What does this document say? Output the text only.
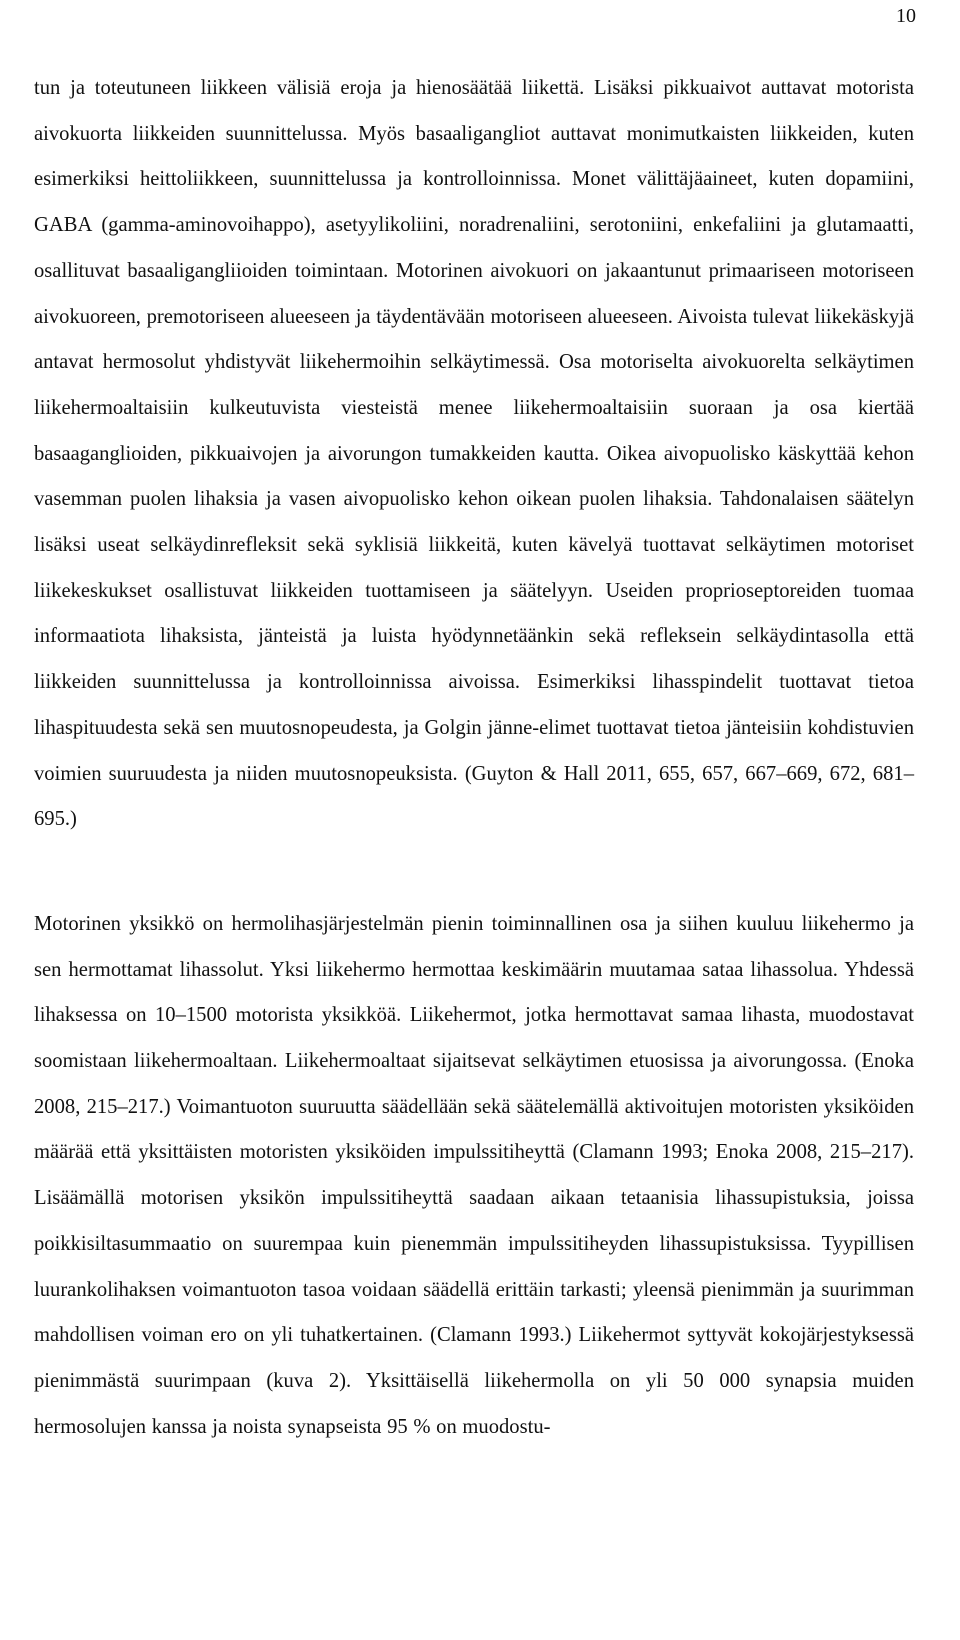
10

tun ja toteutuneen liikkeen välisiä eroja ja hienosäätää liikettä. Lisäksi pikkuaivot auttavat motorista aivokuorta liikkeiden suunnittelussa. Myös basaaligangliot auttavat monimutkaisten liikkeiden, kuten esimerkiksi heittoliikkeen, suunnittelussa ja kontrolloinnissa. Monet välittäjäaineet, kuten dopamiini, GABA (gamma-aminovoihappo), asetyylikoliini, noradrenaliini, serotoniini, enkefaliini ja glutamaatti, osallituvat basaaligangliioiden toimintaan. Motorinen aivokuori on jakaantunut primaariseen motoriseen aivokuoreen, premotoriseen alueeseen ja täydentävään motoriseen alueeseen. Aivoista tulevat liikekäskyjä antavat hermosolut yhdistyvät liikehermoihin selkäytimessä. Osa motoriselta aivokuorelta selkäytimen liikehermoaltaisiin kulkeutuvista viesteistä menee liikehermoaltaisiin suoraan ja osa kiertää basaaganglioiden, pikkuaivojen ja aivorungon tumakkeiden kautta. Oikea aivopuolisko käskyttää kehon vasemman puolen lihaksia ja vasen aivopuolisko kehon oikean puolen lihaksia. Tahdonalaisen säätelyn lisäksi useat selkäydinrefleksit sekä syklisiä liikkeitä, kuten kävelyä tuottavat selkäytimen motoriset liikekeskukset osallistuvat liikkeiden tuottamiseen ja säätelyyn. Useiden proprioseptoreiden tuomaa informaatiota lihaksista, jänteistä ja luista hyödynnetäänkin sekä refleksein selkäydintasolla että liikkeiden suunnittelussa ja kontrolloinnissa aivoissa. Esimerkiksi lihasspindelit tuottavat tietoa lihaspituudesta sekä sen muutosnopeudesta, ja Golgin jänne-elimet tuottavat tietoa jänteisiin kohdistuvien voimien suuruudesta ja niiden muutosnopeuksista. (Guyton & Hall 2011, 655, 657, 667–669, 672, 681–695.)

Motorinen yksikkö on hermolihasjärjestelmän pienin toiminnallinen osa ja siihen kuuluu liikehermo ja sen hermottamat lihassolut. Yksi liikehermo hermottaa keskimäärin muutamaa sataa lihassolua. Yhdessä lihaksessa on 10–1500 motorista yksikköä. Liikehermot, jotka hermottavat samaa lihasta, muodostavat soomistaan liikehermoaltaan. Liikehermoaltaat sijaitsevat selkäytimen etuosissa ja aivorungossa. (Enoka 2008, 215–217.) Voimantuoton suuruutta säädellään sekä säätelemällä aktivoitujen motoristen yksiköiden määrää että yksittäisten motoristen yksiköiden impulssitiheyttä (Clamann 1993; Enoka 2008, 215–217). Lisäämällä motorisen yksikön impulssitiheyttä saadaan aikaan tetaanisia lihassupistuksia, joissa poikkisiltasummaatio on suurempaa kuin pienemmän impulssitiheyden lihassupistuksissa. Tyypillisen luurankolihaksen voimantuoton tasoa voidaan säädellä erittäin tarkasti; yleensä pienimmän ja suurimman mahdollisen voiman ero on yli tuhatkertainen. (Clamann 1993.) Liikehermot syttyvät kokojärjestyksessä pienimmästä suurimpaan (kuva 2). Yksittäisellä liikehermolla on yli 50 000 synapsia muiden hermosolujen kanssa ja noista synapseista 95 % on muodostu-
